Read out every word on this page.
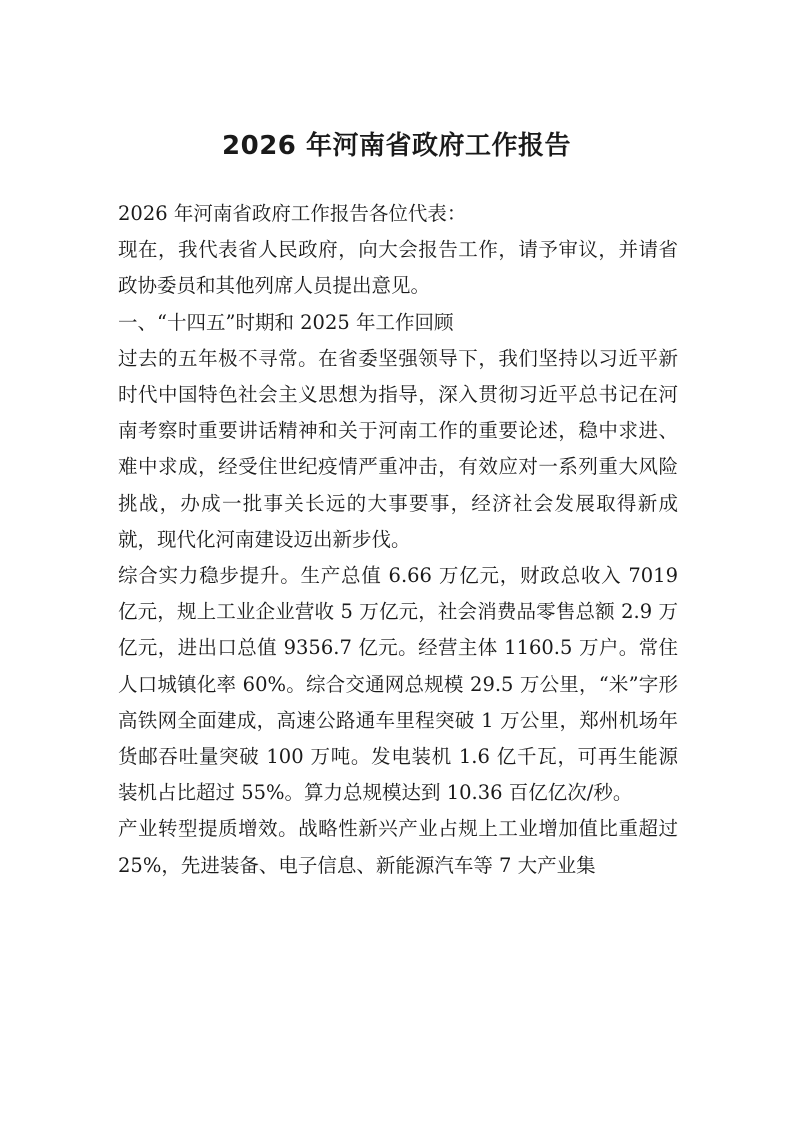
2026 年河南省政府工作报告

2026 年河南省政府工作报告各位代表：

现在，我代表省人民政府，向大会报告工作，请予审议，并请省政协委员和其他列席人员提出意见。

一、“十四五”时期和 2025 年工作回顾

过去的五年极不寻常。在省委坚强领导下，我们坚持以习近平新时代中国特色社会主义思想为指导，深入贯彻习近平总书记在河南考察时重要讲话精神和关于河南工作的重要论述，稳中求进、难中求成，经受住世纪疫情严重冲击，有效应对一系列重大风险挑战，办成一批事关长远的大事要事，经济社会发展取得新成就，现代化河南建设迈出新步伐。

综合实力稳步提升。生产总值 6.66 万亿元，财政总收入 7019 亿元，规上工业企业营收 5 万亿元，社会消费品零售总额 2.9 万亿元，进出口总值 9356.7 亿元。经营主体 1160.5 万户。常住人口城镇化率 60%。综合交通网总规模 29.5 万公里，“米”字形高铁网全面建成，高速公路通车里程突破 1 万公里，郑州机场年货邮吞吐量突破 100 万吨。发电装机 1.6 亿千瓦，可再生能源装机占比超过 55%。算力总规模达到 10.36 百亿亿次/秒。

产业转型提质增效。战略性新兴产业占规上工业增加值比重超过 25%，先进装备、电子信息、新能源汽车等 7 大产业集
